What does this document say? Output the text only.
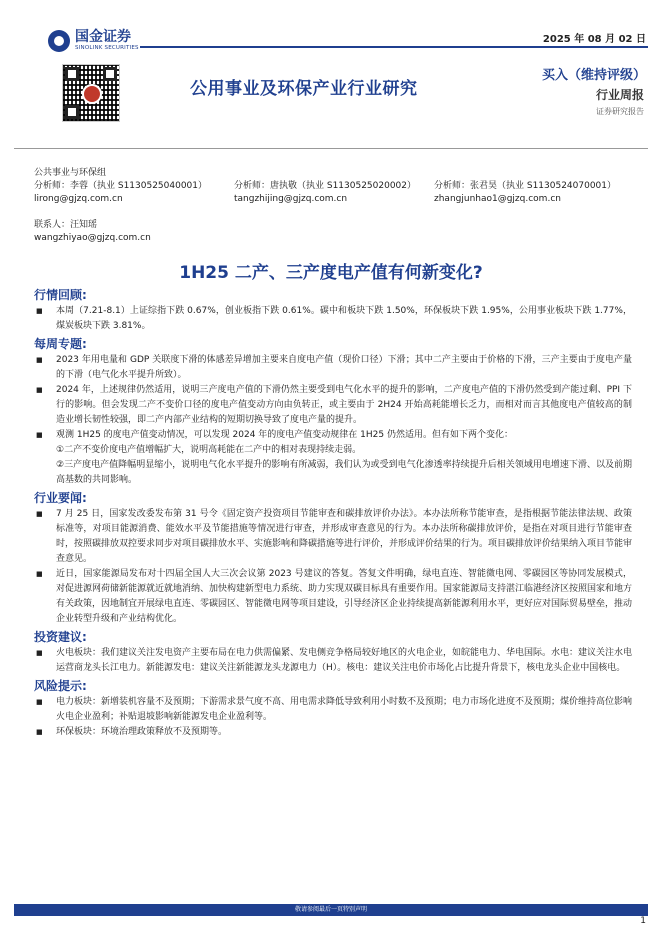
国金证券
SINOLINK SECURITIES
2025 年 08 月 02 日
公用事业及环保产业行业研究
买入（维持评级）
行业周报
证券研究报告
公共事业与环保组
分析师：李蓉（执业 S1130525040001）
lirong@gjzq.com.cn
分析师：唐执敬（执业 S1130525020002）
tangzhijing@gjzq.com.cn
分析师：张君昊（执业 S1130524070001）
zhangjunhao1@gjzq.com.cn
联系人：汪知瑶
wangzhiyao@gjzq.com.cn
1H25 二产、三产度电产值有何新变化?
行情回顾:
■	本周（7.21-8.1）上证综指下跌 0.67%，创业板指下跌 0.61%。碳中和板块下跌 1.50%，环保板块下跌 1.95%，公用事业板块下跌 1.77%，煤炭板块下跌 3.81%。
每周专题:
■	2023 年用电量和 GDP 关联度下滑的体感差异增加主要来自度电产值（现价口径）下滑；其中二产主要由于价格的下滑，三产主要由于度电产量的下滑（电气化水平提升所致）。
■	2024 年，上述规律仍然适用，说明三产度电产值的下滑仍然主要受到电气化水平的提升的影响，二产度电产值的下滑仍然受到产能过剩、PPI 下行的影响。但会发现二产不变价口径的度电产值变动方向由负转正，或主要由于 2H24 开始高耗能增长乏力，而相对而言其他度电产值较高的制造业增长韧性较强，即二产内部产业结构的短期切换导致了度电产量的提升。
■	观测 1H25 的度电产值变动情况，可以发现 2024 年的度电产值变动规律在 1H25 仍然适用。但有如下两个变化：
①二产不变价度电产值增幅扩大，说明高耗能在二产中的相对表现持续走弱。
②三产度电产值降幅明显缩小，说明电气化水平提升的影响有所减弱，我们认为或受到电气化渗透率持续提升后相关领域用电增速下滑、以及前期高基数的共同影响。
行业要闻:
■	7 月 25 日，国家发改委发布第 31 号令《固定资产投资项目节能审查和碳排放评价办法》。本办法所称节能审查，是指根据节能法律法规、政策标准等，对项目能源消费、能效水平及节能措施等情况进行审查，并形成审查意见的行为。本办法所称碳排放评价，是指在对项目进行节能审查时，按照碳排放双控要求同步对项目碳排放水平、实施影响和降碳措施等进行评价，并形成评价结果的行为。项目碳排放评价结果纳入项目节能审查意见。
■	近日，国家能源局发布对十四届全国人大三次会议第 2023 号建议的答复。答复文件明确，绿电直连、智能微电网、零碳园区等协同发展模式，对促进源网荷储新能源就近就地消纳、加快构建新型电力系统、助力实现双碳目标具有重要作用。国家能源局支持湛江临港经济区按照国家和地方有关政策，因地制宜开展绿电直连、零碳园区、智能微电网等项目建设，引导经济区企业持续提高新能源利用水平，更好应对国际贸易壁垒，推动企业转型升级和产业结构优化。
投资建议:
■	火电板块：我们建议关注发电资产主要布局在电力供需偏紧、发电侧竞争格局较好地区的火电企业，如皖能电力、华电国际。水电：建议关注水电运营商龙头长江电力。新能源发电：建议关注新能源龙头龙源电力（H）。核电：建议关注电价市场化占比提升背景下，核电龙头企业中国核电。
风险提示:
■	电力板块：新增装机容量不及预期；下游需求景气度不高、用电需求降低导致利用小时数不及预期；电力市场化进度不及预期；煤价维持高位影响火电企业盈利；补贴退坡影响新能源发电企业盈利等。
■	环保板块：环境治理政策释放不及预期等。
敬请参阅最后一页特别声明
1
